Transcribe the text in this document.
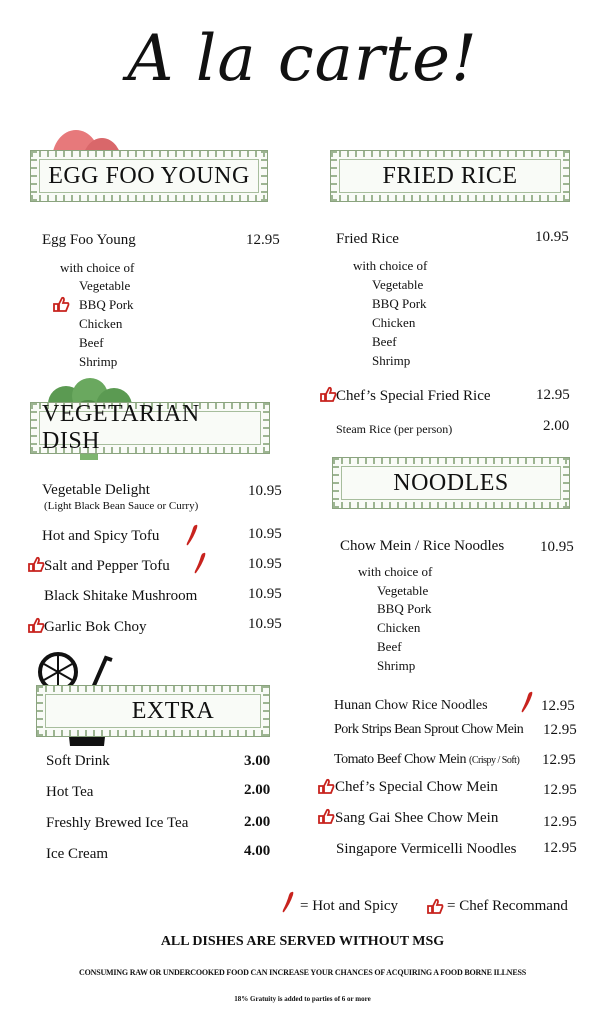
A la carte!
EGG FOO YOUNG	FRIED RICE
Egg Foo Young	12.95
with choice of
Vegetable
BBQ Pork
Chicken
Beef
Shrimp
Fried Rice	10.95
with choice of
Vegetable
BBQ Pork
Chicken
Beef
Shrimp
Chef’s Special Fried Rice	12.95
Steam Rice (per person)	2.00
VEGETARIAN DISH
NOODLES
Vegetable Delight	10.95
(Light Black Bean Sauce or Curry)
Hot and Spicy Tofu	10.95
Salt and Pepper Tofu	10.95
Black Shitake Mushroom	10.95
Garlic Bok Choy	10.95
Chow Mein / Rice Noodles 10.95
with choice of
Vegetable
BBQ Pork
Chicken
Beef
Shrimp
Hunan Chow Rice Noodles	12.95
Pork Strips Bean Sprout Chow Mein 12.95
Tomato Beef Chow Mein (Crispy / Soft) 12.95
Chef’s Special Chow Mein	12.95
Sang Gai Shee Chow Mein	12.95
Singapore Vermicelli Noodles 12.95
EXTRA
Soft Drink	3.00
Hot Tea	2.00
Freshly Brewed Ice Tea	2.00
Ice Cream	4.00
= Hot and Spicy	= Chef Recommand
ALL DISHES ARE SERVED WITHOUT MSG
CONSUMING RAW OR UNDERCOOKED FOOD CAN INCREASE YOUR CHANCES OF ACQUIRING A FOOD BORNE ILLNESS
18% Gratuity is added to parties of 6 or more
